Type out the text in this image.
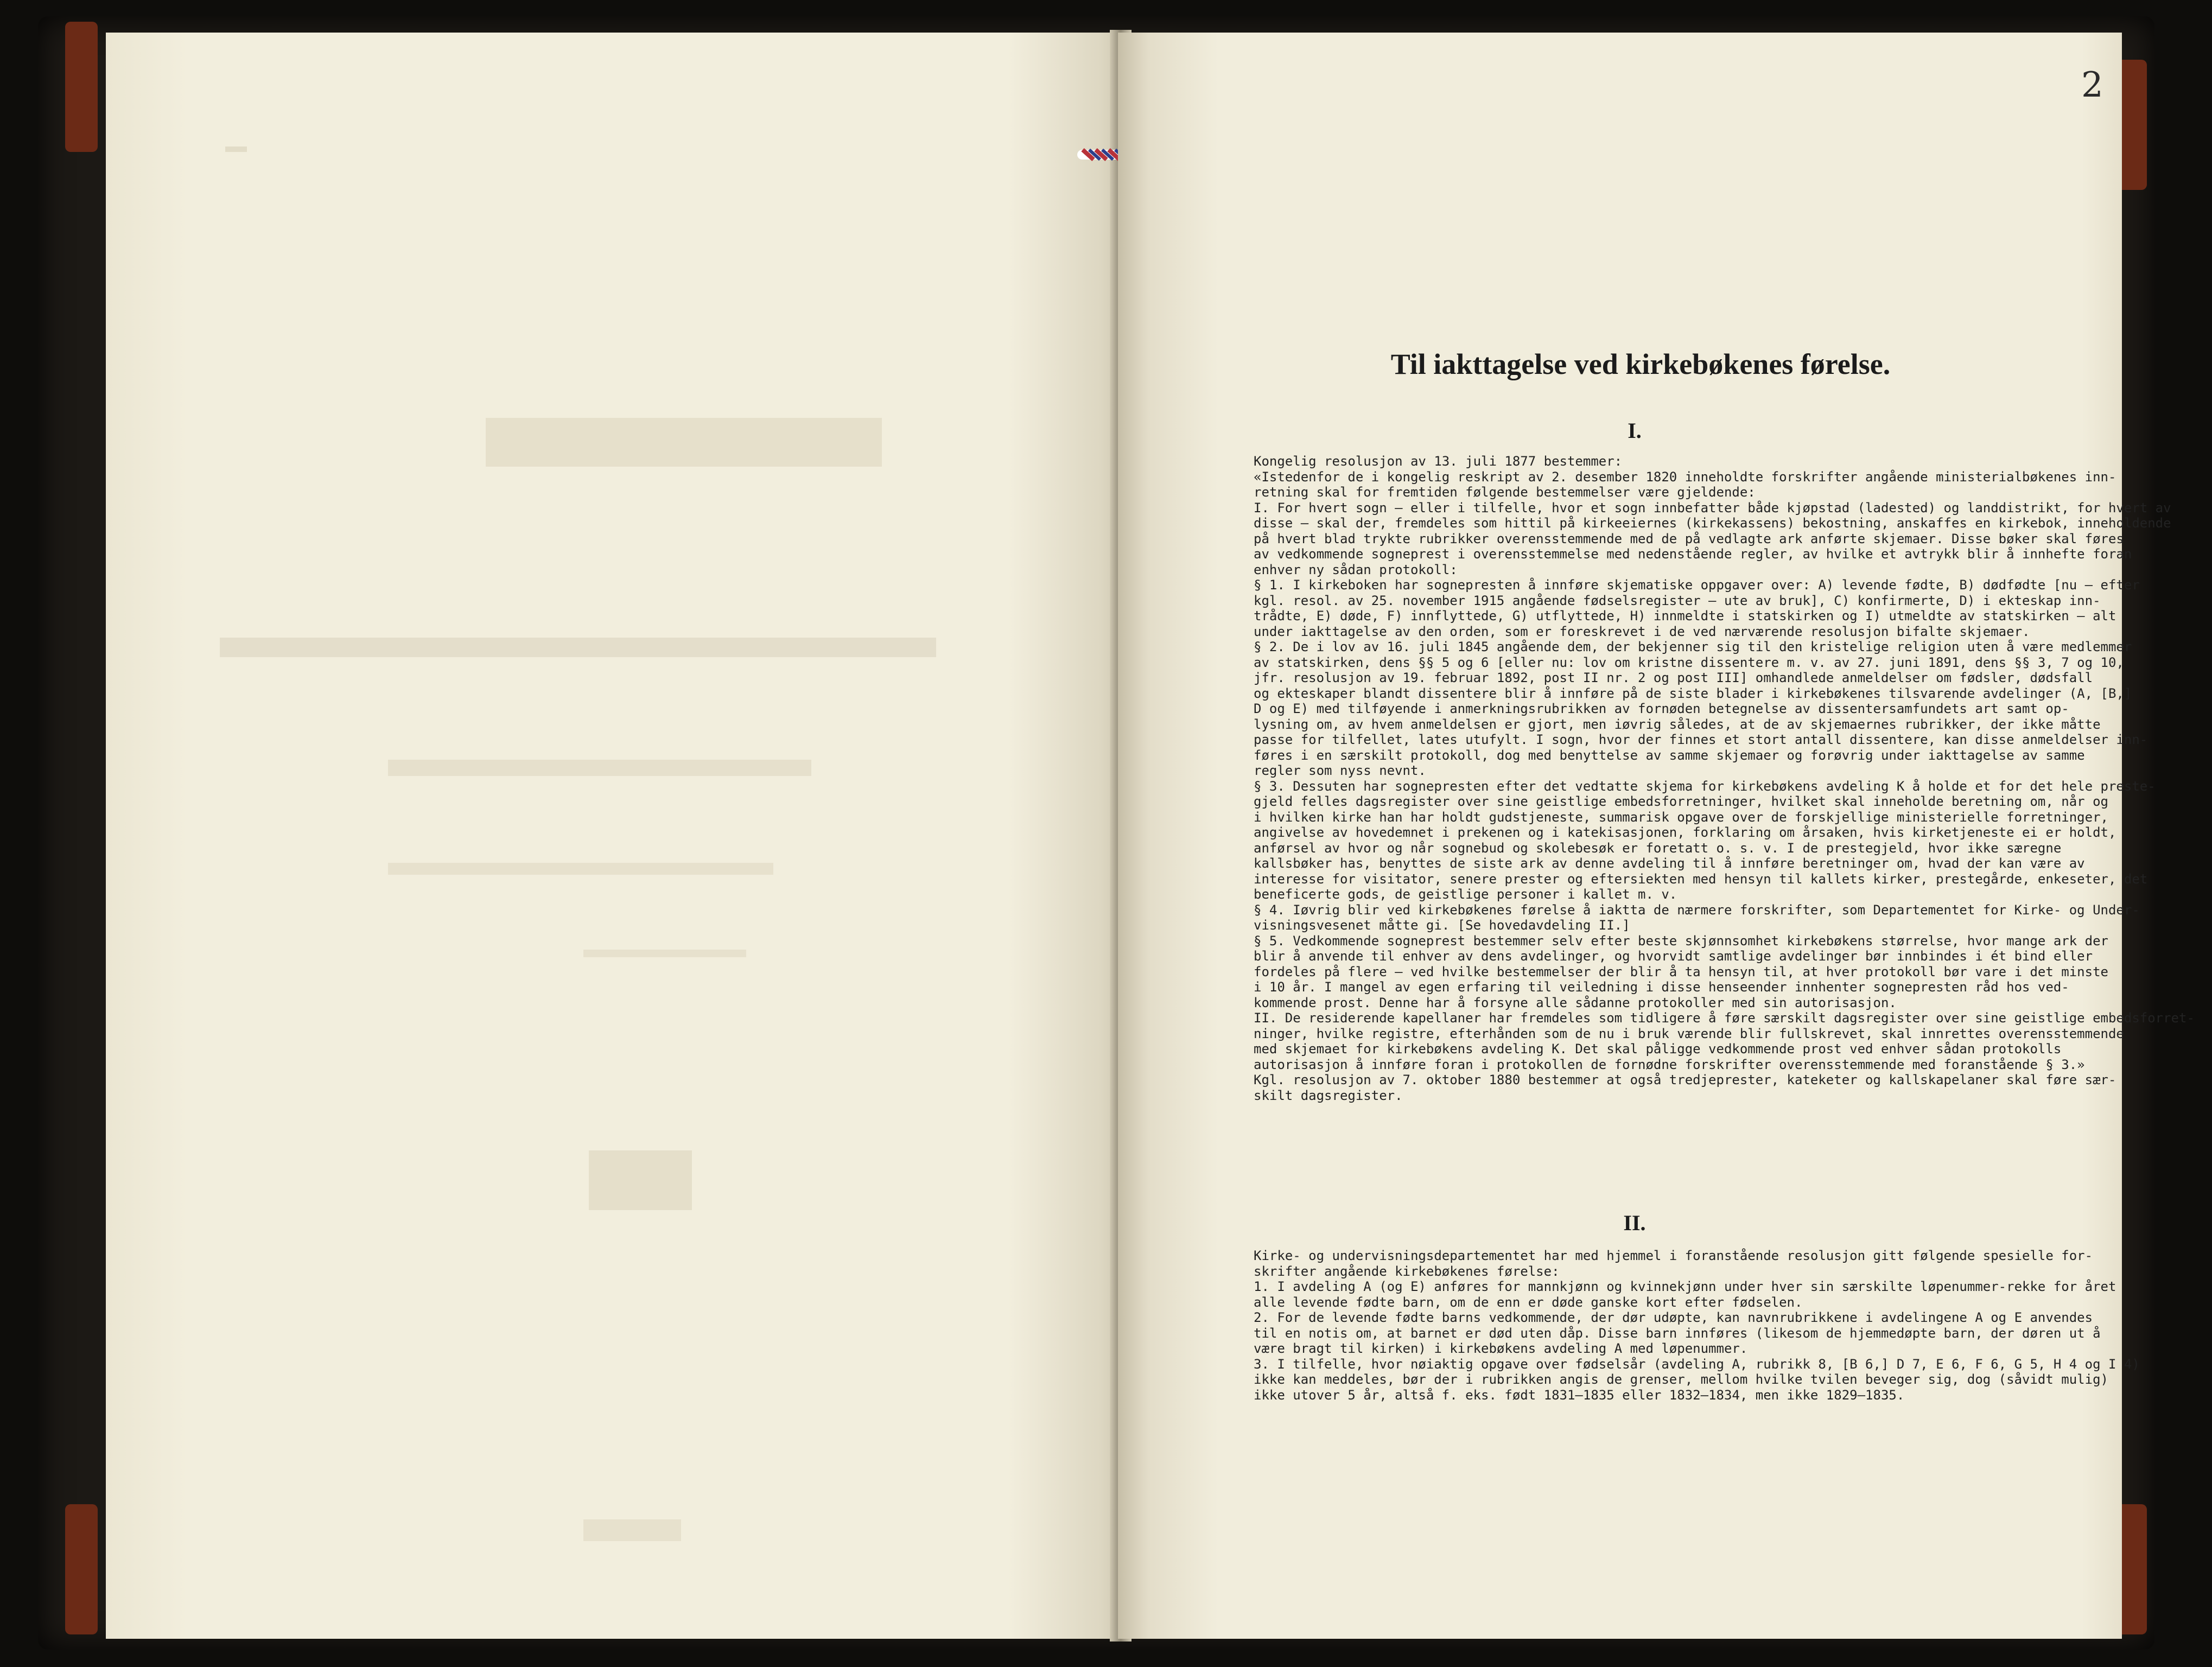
2
Til iakttagelse ved kirkebøkenes førelse.
I.
Kongelig resolusjon av 13. juli 1877 bestemmer:
«Istedenfor de i kongelig reskript av 2. desember 1820 inneholdte forskrifter angående ministerialbøkenes inn-
retning skal for fremtiden følgende bestemmelser være gjeldende:
I. For hvert sogn — eller i tilfelle, hvor et sogn innbefatter både kjøpstad (ladested) og landdistrikt, for hvert av
disse — skal der, fremdeles som hittil på kirkeeiernes (kirkekassens) bekostning, anskaffes en kirkebok, inneholdende
på hvert blad trykte rubrikker overensstemmende med de på vedlagte ark anførte skjemaer. Disse bøker skal føres
av vedkommende sogneprest i overensstemmelse med nedenstående regler, av hvilke et avtrykk blir å innhefte foran
enhver ny sådan protokoll:
§ 1. I kirkeboken har sognepresten å innføre skjematiske oppgaver over: A) levende fødte, B) dødfødte [nu — efter
kgl. resol. av 25. november 1915 angående fødselsregister — ute av bruk], C) konfirmerte, D) i ekteskap inn-
trådte, E) døde, F) innflyttede, G) utflyttede, H) innmeldte i statskirken og I) utmeldte av statskirken — alt
under iakttagelse av den orden, som er foreskrevet i de ved nærværende resolusjon bifalte skjemaer.
§ 2. De i lov av 16. juli 1845 angående dem, der bekjenner sig til den kristelige religion uten å være medlemmer
av statskirken, dens §§ 5 og 6 [eller nu: lov om kristne dissentere m. v. av 27. juni 1891, dens §§ 3, 7 og 10,
jfr. resolusjon av 19. februar 1892, post II nr. 2 og post III] omhandlede anmeldelser om fødsler, dødsfall
og ekteskaper blandt dissentere blir å innføre på de siste blader i kirkebøkenes tilsvarende avdelinger (A, [B,]
D og E) med tilføyende i anmerkningsrubrikken av fornøden betegnelse av dissentersamfundets art samt op-
lysning om, av hvem anmeldelsen er gjort, men iøvrig således, at de av skjemaernes rubrikker, der ikke måtte
passe for tilfellet, lates utufylt. I sogn, hvor der finnes et stort antall dissentere, kan disse anmeldelser inn-
føres i en særskilt protokoll, dog med benyttelse av samme skjemaer og forøvrig under iakttagelse av samme
regler som nyss nevnt.
§ 3. Dessuten har sognepresten efter det vedtatte skjema for kirkebøkens avdeling K å holde et for det hele preste-
gjeld felles dagsregister over sine geistlige embedsforretninger, hvilket skal inneholde beretning om, når og
i hvilken kirke han har holdt gudstjeneste, summarisk opgave over de forskjellige ministerielle forretninger,
angivelse av hovedemnet i prekenen og i katekisasjonen, forklaring om årsaken, hvis kirketjeneste ei er holdt,
anførsel av hvor og når sognebud og skolebesøk er foretatt o. s. v. I de prestegjeld, hvor ikke særegne
kallsbøker has, benyttes de siste ark av denne avdeling til å innføre beretninger om, hvad der kan være av
interesse for visitator, senere prester og eftersiekten med hensyn til kallets kirker, prestegårde, enkeseter, det
beneficerte gods, de geistlige personer i kallet m. v.
§ 4. Iøvrig blir ved kirkebøkenes førelse å iaktta de nærmere forskrifter, som Departementet for Kirke- og Under-
visningsvesenet måtte gi. [Se hovedavdeling II.]
§ 5. Vedkommende sogneprest bestemmer selv efter beste skjønnsomhet kirkebøkens størrelse, hvor mange ark der
blir å anvende til enhver av dens avdelinger, og hvorvidt samtlige avdelinger bør innbindes i ét bind eller
fordeles på flere — ved hvilke bestemmelser der blir å ta hensyn til, at hver protokoll bør vare i det minste
i 10 år. I mangel av egen erfaring til veiledning i disse henseender innhenter sognepresten råd hos ved-
kommende prost. Denne har å forsyne alle sådanne protokoller med sin autorisasjon.
II. De residerende kapellaner har fremdeles som tidligere å føre særskilt dagsregister over sine geistlige embedsforret-
ninger, hvilke registre, efterhånden som de nu i bruk værende blir fullskrevet, skal innrettes overensstemmende
med skjemaet for kirkebøkens avdeling K. Det skal påligge vedkommende prost ved enhver sådan protokolls
autorisasjon å innføre foran i protokollen de fornødne forskrifter overensstemmende med foranstående § 3.»
Kgl. resolusjon av 7. oktober 1880 bestemmer at også tredjeprester, kateketer og kallskapelaner skal føre sær-
skilt dagsregister.
II.
Kirke- og undervisningsdepartementet har med hjemmel i foranstående resolusjon gitt følgende spesielle for-
skrifter angående kirkebøkenes førelse:
1. I avdeling A (og E) anføres for mannkjønn og kvinnekjønn under hver sin særskilte løpenummer-rekke for året
alle levende fødte barn, om de enn er døde ganske kort efter fødselen.
2. For de levende fødte barns vedkommende, der dør udøpte, kan navnrubrikkene i avdelingene A og E anvendes
til en notis om, at barnet er død uten dåp. Disse barn innføres (likesom de hjemmedøpte barn, der døren ut å
være bragt til kirken) i kirkebøkens avdeling A med løpenummer.
3. I tilfelle, hvor nøiaktig opgave over fødselsår (avdeling A, rubrikk 8, [B 6,] D 7, E 6, F 6, G 5, H 4 og I 4)
ikke kan meddeles, bør der i rubrikken angis de grenser, mellom hvilke tvilen beveger sig, dog (såvidt mulig)
ikke utover 5 år, altså f. eks. født 1831—1835 eller 1832—1834, men ikke 1829—1835.
